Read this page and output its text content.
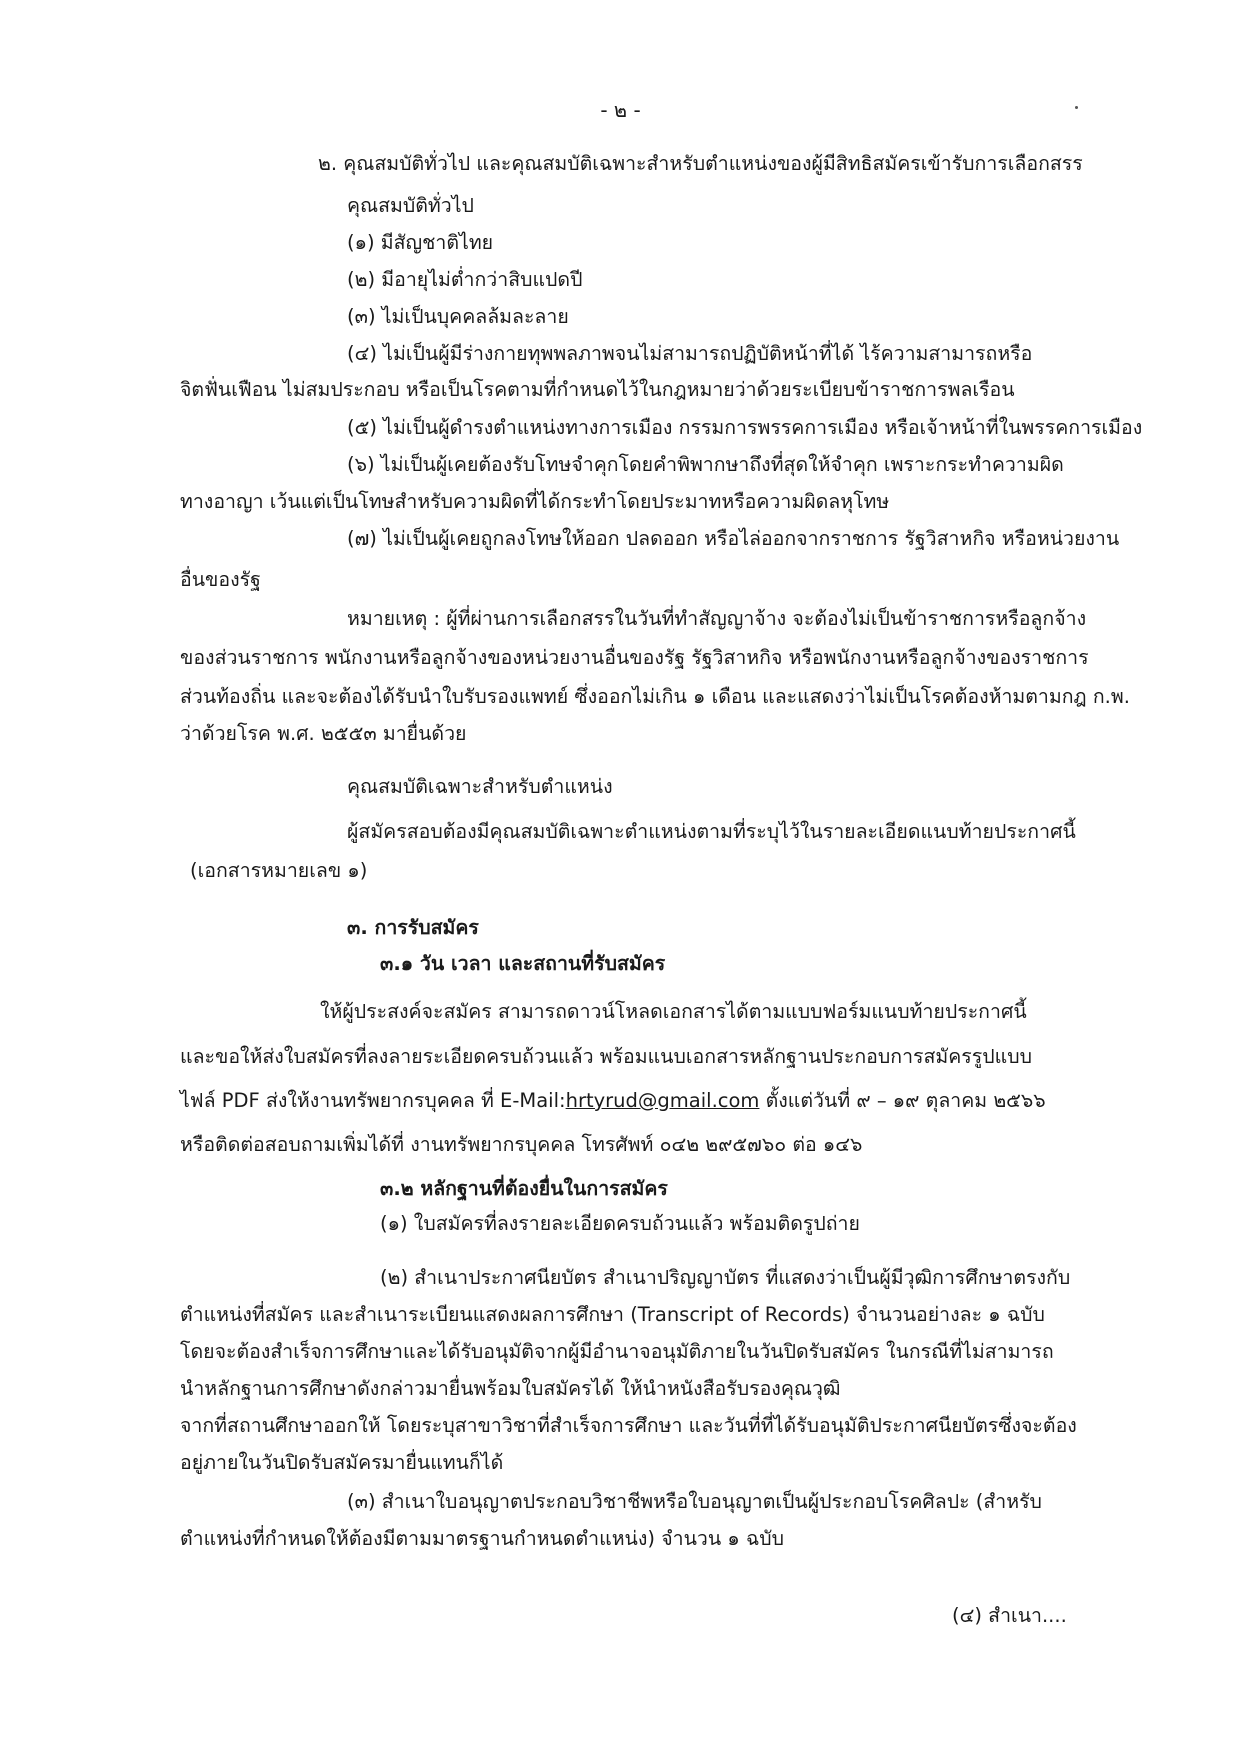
- ๒ -
๒. คุณสมบัติทั่วไป และคุณสมบัติเฉพาะสำหรับตำแหน่งของผู้มีสิทธิสมัครเข้ารับการเลือกสรร
คุณสมบัติทั่วไป
(๑) มีสัญชาติไทย
(๒) มีอายุไม่ต่ำกว่าสิบแปดปี
(๓) ไม่เป็นบุคคลล้มละลาย
(๔) ไม่เป็นผู้มีร่างกายทุพพลภาพจนไม่สามารถปฏิบัติหน้าที่ได้ ไร้ความสามารถหรือ
จิตฟั่นเฟือน ไม่สมประกอบ หรือเป็นโรคตามที่กำหนดไว้ในกฎหมายว่าด้วยระเบียบข้าราชการพลเรือน
(๕) ไม่เป็นผู้ดำรงตำแหน่งทางการเมือง กรรมการพรรคการเมือง หรือเจ้าหน้าที่ในพรรคการเมือง
(๖) ไม่เป็นผู้เคยต้องรับโทษจำคุกโดยคำพิพากษาถึงที่สุดให้จำคุก เพราะกระทำความผิด
ทางอาญา เว้นแต่เป็นโทษสำหรับความผิดที่ได้กระทำโดยประมาทหรือความผิดลหุโทษ
(๗) ไม่เป็นผู้เคยถูกลงโทษให้ออก ปลดออก หรือไล่ออกจากราชการ รัฐวิสาหกิจ หรือหน่วยงาน
อื่นของรัฐ
หมายเหตุ : ผู้ที่ผ่านการเลือกสรรในวันที่ทำสัญญาจ้าง จะต้องไม่เป็นข้าราชการหรือลูกจ้าง
ของส่วนราชการ พนักงานหรือลูกจ้างของหน่วยงานอื่นของรัฐ รัฐวิสาหกิจ หรือพนักงานหรือลูกจ้างของราชการ
ส่วนท้องถิ่น และจะต้องได้รับนำใบรับรองแพทย์ ซึ่งออกไม่เกิน ๑ เดือน และแสดงว่าไม่เป็นโรคต้องห้ามตามกฎ ก.พ.
ว่าด้วยโรค พ.ศ. ๒๕๕๓ มายื่นด้วย
คุณสมบัติเฉพาะสำหรับตำแหน่ง
ผู้สมัครสอบต้องมีคุณสมบัติเฉพาะตำแหน่งตามที่ระบุไว้ในรายละเอียดแนบท้ายประกาศนี้
(เอกสารหมายเลข ๑)
๓. การรับสมัคร
๓.๑ วัน เวลา และสถานที่รับสมัคร
ให้ผู้ประสงค์จะสมัคร สามารถดาวน์โหลดเอกสารได้ตามแบบฟอร์มแนบท้ายประกาศนี้
และขอให้ส่งใบสมัครที่ลงลายระเอียดครบถ้วนแล้ว พร้อมแนบเอกสารหลักฐานประกอบการสมัครรูปแบบ
ไฟล์ PDF ส่งให้งานทรัพยากรบุคคล ที่ E-Mail:hrtyrud@gmail.com ตั้งแต่วันที่ ๙ – ๑๙ ตุลาคม ๒๕๖๖
หรือติดต่อสอบถามเพิ่มได้ที่ งานทรัพยากรบุคคล โทรศัพท์ ๐๔๒ ๒๙๕๗๖๐ ต่อ ๑๔๖
๓.๒ หลักฐานที่ต้องยื่นในการสมัคร
(๑) ใบสมัครที่ลงรายละเอียดครบถ้วนแล้ว พร้อมติดรูปถ่าย
(๒) สำเนาประกาศนียบัตร สำเนาปริญญาบัตร ที่แสดงว่าเป็นผู้มีวุฒิการศึกษาตรงกับ
ตำแหน่งที่สมัคร และสำเนาระเบียนแสดงผลการศึกษา (Transcript of Records) จำนวนอย่างละ ๑ ฉบับ
โดยจะต้องสำเร็จการศึกษาและได้รับอนุมัติจากผู้มีอำนาจอนุมัติภายในวันปิดรับสมัคร ในกรณีที่ไม่สามารถ
นำหลักฐานการศึกษาดังกล่าวมายื่นพร้อมใบสมัครได้ ให้นำหนังสือรับรองคุณวุฒิ
จากที่สถานศึกษาออกให้ โดยระบุสาขาวิชาที่สำเร็จการศึกษา และวันที่ที่ได้รับอนุมัติประกาศนียบัตรซึ่งจะต้อง
อยู่ภายในวันปิดรับสมัครมายื่นแทนก็ได้
(๓) สำเนาใบอนุญาตประกอบวิชาชีพหรือใบอนุญาตเป็นผู้ประกอบโรคศิลปะ (สำหรับ
ตำแหน่งที่กำหนดให้ต้องมีตามมาตรฐานกำหนดตำแหน่ง) จำนวน ๑ ฉบับ
(๔) สำเนา....
